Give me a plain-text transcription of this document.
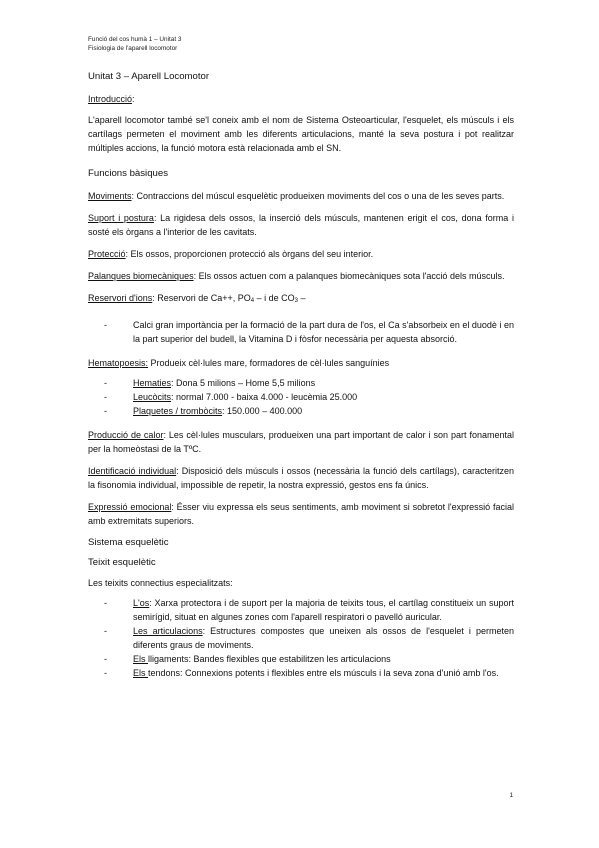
Funció del cos humà 1 – Unitat 3
Fisiologia de l'aparell locomotor
Unitat 3 – Aparell Locomotor
Introducció:
L'aparell locomotor també se'l coneix amb el nom de Sistema Osteoarticular, l'esquelet, els músculs i els cartílags permeten el moviment amb les diferents articulacions, manté la seva postura i pot realitzar múltiples accions, la funció motora està relacionada amb el SN.
Funcions bàsiques
Moviments: Contraccions del múscul esquelètic produeixen moviments del cos o una de les seves parts.
Suport i postura: La rigidesa dels ossos, la inserció dels músculs, mantenen erigit el cos, dona forma i sosté els òrgans a l'interior de les cavitats.
Protecció: Els ossos, proporcionen protecció als òrgans del seu interior.
Palanques biomecàniques: Els ossos actuen com a palanques biomecàniques sota l'acció dels músculs.
Reservori d'ions: Reservori de Ca++, $PO_4$ – i de $CO_3$ –
-	Calci gran importància per la formació de la part dura de l'os, el Ca s'absorbeix en el duodè i en la part superior del budell, la Vitamina D i fòsfor necessària per aquesta absorció.
Hematopoesis: Produeix cèl·lules mare, formadores de cèl·lules sanguínies
-	Hematies: Dona 5 milions – Home 5,5 milions
-	Leucòcits: normal 7.000 - baixa 4.000 - leucèmia 25.000
-	Plaquetes / trombòcits: 150.000 – 400.000
Producció de calor: Les cèl·lules musculars, produeixen una part important de calor i son part fonamental per la homeòstasi de la TºC.
Identificació individual: Disposició dels músculs i ossos (necessària la funció dels cartílags), caracteritzen la fisonomia individual, impossible de repetir, la nostra expressió, gestos ens fa únics.
Expressió emocional: Ésser viu expressa els seus sentiments, amb moviment si sobretot l'expressió facial amb extremitats superiors.
Sistema esquelètic
Teixit esquelètic
Les teixits connectius especialitzats:
-	L'os: Xarxa protectora i de suport per la majoria de teixits tous, el cartílag constitueix un suport semirígid, situat en algunes zones com l'aparell respiratori o pavelló auricular.
-	Les articulacions: Estructures compostes que uneixen als ossos de l'esquelet i permeten diferents graus de moviments.
-	Els lligaments: Bandes flexibles que estabilitzen les articulacions
-	Els tendons: Connexions potents i flexibles entre els músculs i la seva zona d'unió amb l'os.
1
